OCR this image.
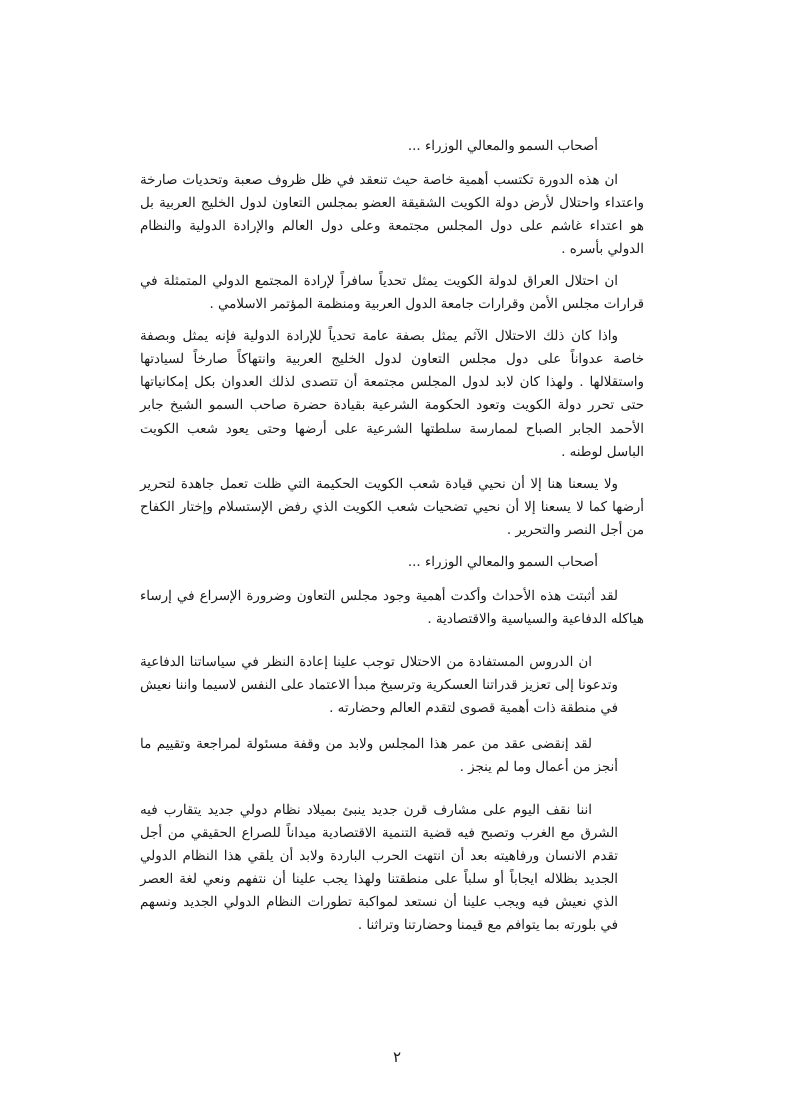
أصحاب السمو والمعالي الوزراء ...

ان هذه الدورة تكتسب أهمية خاصة حيث تنعقد في ظل ظروف صعبة وتحديات صارخة واعتداء واحتلال لأرض دولة الكويت الشقيقة العضو بمجلس التعاون لدول الخليج العربية بل هو اعتداء غاشم على دول المجلس مجتمعة وعلى دول العالم والإرادة الدولية والنظام الدولي بأسره .

ان احتلال العراق لدولة الكويت يمثل تحدياً سافراً لإرادة المجتمع الدولي المتمثلة في قرارات مجلس الأمن وقرارات جامعة الدول العربية ومنظمة المؤتمر الاسلامي .

واذا كان ذلك الاحتلال الآثم يمثل بصفة عامة تحدياً للإرادة الدولية فإنه يمثل وبصفة خاصة عدواناً على دول مجلس التعاون لدول الخليج العربية وانتهاكاً صارخاً لسيادتها واستقلالها . ولهذا كان لابد لدول المجلس مجتمعة أن تتصدى لذلك العدوان بكل إمكانياتها حتى تحرر دولة الكويت وتعود الحكومة الشرعية بقيادة حضرة صاحب السمو الشيخ جابر الأحمد الجابر الصباح لممارسة سلطتها الشرعية على أرضها وحتى يعود شعب الكويت الباسل لوطنه .

ولا يسعنا هنا إلا أن نحيي قيادة شعب الكويت الحكيمة التي ظلت تعمل جاهدة لتحرير أرضها كما لا يسعنا إلا أن نحيي تضحيات شعب الكويت الذي رفض الإستسلام وإختار الكفاح من أجل النصر والتحرير .

أصحاب السمو والمعالي الوزراء ...

لقد أثبتت هذه الأحداث وأكدت أهمية وجود مجلس التعاون وضرورة الإسراع في إرساء هياكله الدفاعية والسياسية والاقتصادية .

ان الدروس المستفادة من الاحتلال توجب علينا إعادة النظر في سياساتنا الدفاعية وتدعونا إلى تعزيز قدراتنا العسكرية وترسيخ مبدأ الاعتماد على النفس لاسيما واننا نعيش في منطقة ذات أهمية قصوى لتقدم العالم وحضارته .

لقد إنقضى عقد من عمر هذا المجلس ولابد من وقفة مسئولة لمراجعة وتقييم ما أنجز من أعمال وما لم ينجز .

اننا نقف اليوم على مشارف قرن جديد ينبئ بميلاد نظام دولي جديد يتقارب فيه الشرق مع الغرب وتصبح فيه قضية التنمية الاقتصادية ميداناً للصراع الحقيقي من أجل تقدم الانسان ورفاهيته بعد أن انتهت الحرب الباردة ولابد أن يلقي هذا النظام الدولي الجديد بظلاله ايجاباً أو سلباً على منطقتنا ولهذا يجب علينا أن نتفهم ونعي لغة العصر الذي نعيش فيه ويجب علينا أن نستعد لمواكبة تطورات النظام الدولي الجديد ونسهم في بلورته بما يتوافم مع قيمنا وحضارتنا وتراثنا .

٢
